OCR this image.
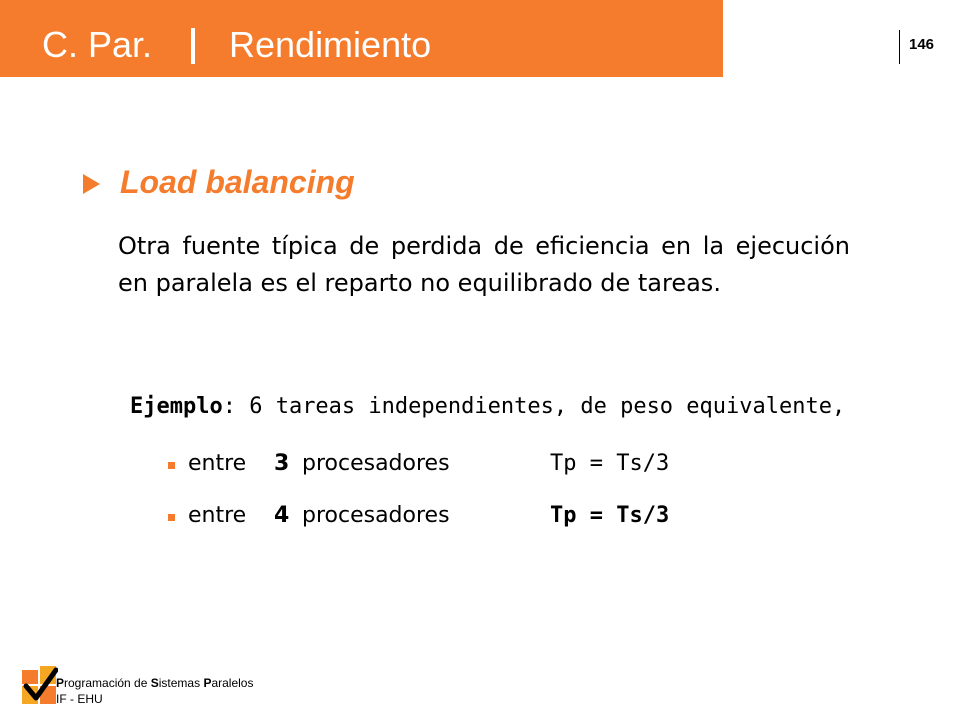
C. Par. Rendimiento	146
Load balancing
Otra fuente típica de perdida de eficiencia en la ejecución en paralela es el reparto no equilibrado de tareas.
Ejemplo: 6 tareas independientes, de peso equivalente,
entre 3 procesadores	Tp = Ts/3
entre 4 procesadores	Tp = Ts/3
Programación de Sistemas Paralelos
IF - EHU
